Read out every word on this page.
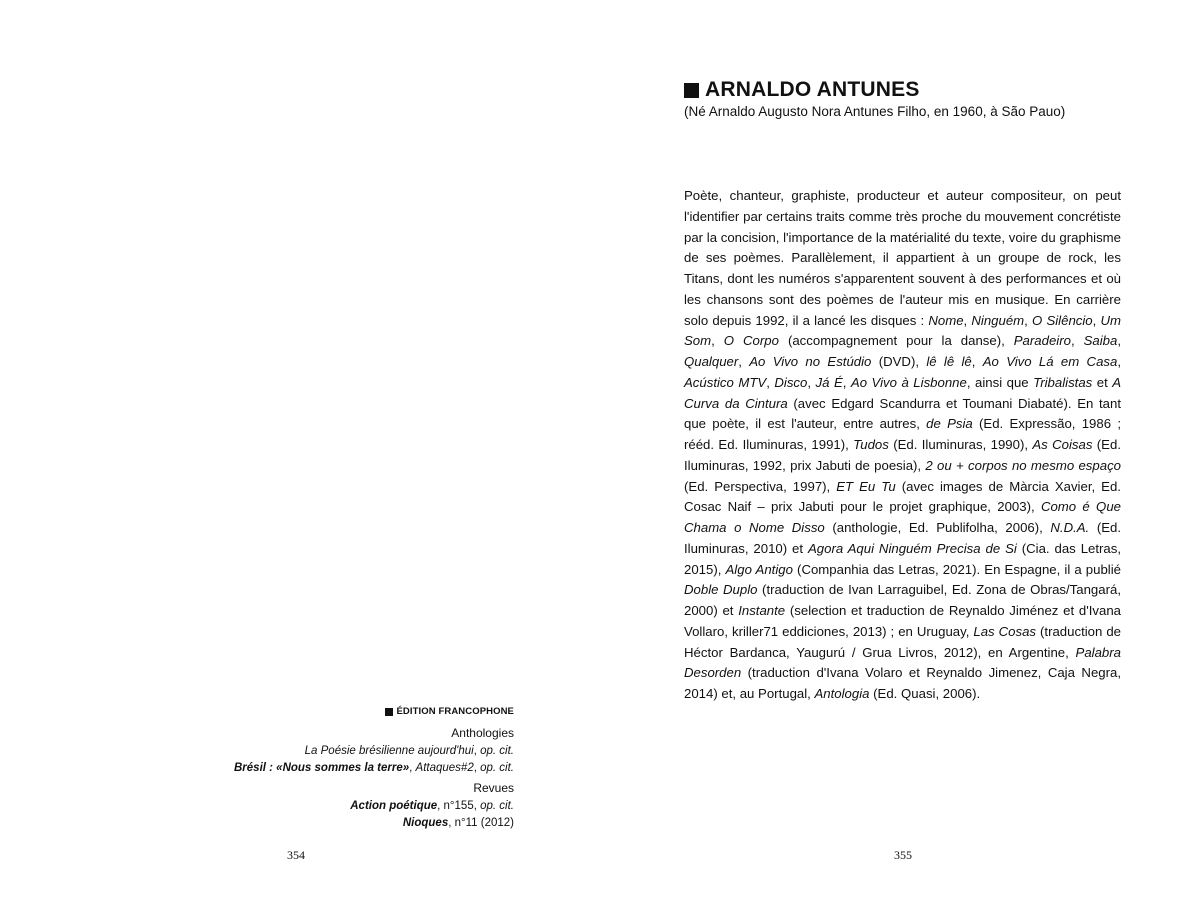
ÉDITION FRANCOPHONE
Anthologies
La Poésie brésilienne aujourd'hui, op. cit.
Brésil : «Nous sommes la terre», Attaques#2, op. cit.
Revues
Action poétique, n°155, op. cit.
Nioques, n°11 (2012)
354
ARNALDO ANTUNES
(Né Arnaldo Augusto Nora Antunes Filho, en 1960, à São Pauo)

Poète, chanteur, graphiste, producteur et auteur compositeur, on peut l'identifier par certains traits comme très proche du mouvement concrétiste par la concision, l'importance de la matérialité du texte, voire du graphisme de ses poèmes. Parallèlement, il appartient à un groupe de rock, les Titans, dont les numéros s'apparentent souvent à des performances et où les chansons sont des poèmes de l'auteur mis en musique. En carrière solo depuis 1992, il a lancé les disques : Nome, Ninguém, O Silêncio, Um Som, O Corpo (accompagnement pour la danse), Paradeiro, Saiba, Qualquer, Ao Vivo no Estúdio (DVD), lê lê lê, Ao Vivo Lá em Casa, Acústico MTV, Disco, Já É, Ao Vivo à Lisbonne, ainsi que Tribalistas et A Curva da Cintura (avec Edgard Scandurra et Toumani Diabaté). En tant que poète, il est l'auteur, entre autres, de Psia (Ed. Expressão, 1986 ; rééd. Ed. Iluminuras, 1991), Tudos (Ed. Iluminuras, 1990), As Coisas (Ed. Iluminuras, 1992, prix Jabuti de poesia), 2 ou + corpos no mesmo espaço (Ed. Perspectiva, 1997), ET Eu Tu (avec images de Màrcia Xavier, Ed. Cosac Naif – prix Jabuti pour le projet graphique, 2003), Como é Que Chama o Nome Disso (anthologie, Ed. Publifolha, 2006), N.D.A. (Ed. Iluminuras, 2010) et Agora Aqui Ninguém Precisa de Si (Cia. das Letras, 2015), Algo Antigo (Companhia das Letras, 2021). En Espagne, il a publié Doble Duplo (traduction de Ivan Larraguibel, Ed. Zona de Obras/Tangará, 2000) et Instante (selection et traduction de Reynaldo Jiménez et d'Ivana Vollaro, kriller71 eddiciones, 2013) ; en Uruguay, Las Cosas (traduction de Héctor Bardanca, Yaugurú / Grua Livros, 2012), en Argentine, Palabra Desorden (traduction d'Ivana Volaro et Reynaldo Jimenez, Caja Negra, 2014) et, au Portugal, Antologia (Ed. Quasi, 2006).

355
